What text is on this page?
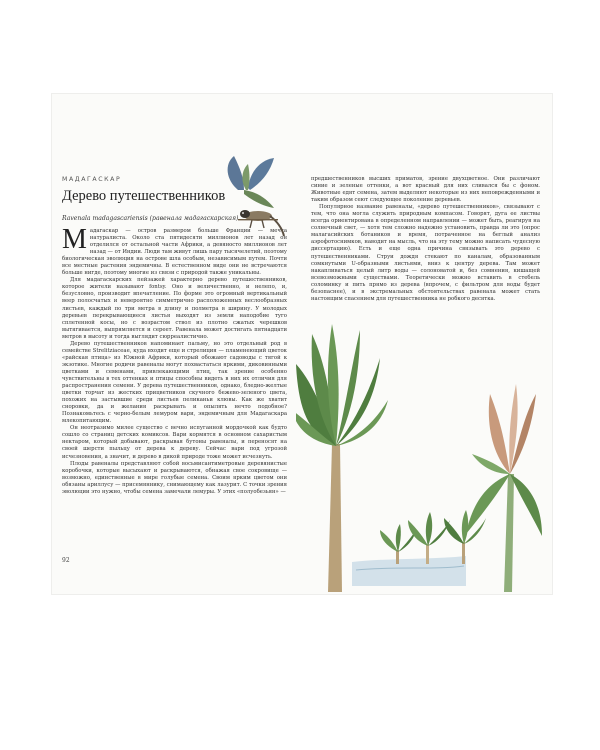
МАДАГАСКАР
Дерево путешественников
Ravenala madagascariensis (равенала мадагаскарская)

Мадагаскар — остров размером больше Франции — мечта натуралиста. Около ста пятидесяти миллионов лет назад он отделился от остальной части Африки, а девяносто миллионов лет назад — от Индии. Люди там живут лишь пару тысячелетий, поэтому биологическая эволюция на острове шла особым, независимым путем. Почти все местные растения эндемичны. В естественном виде они не встречаются больше нигде, поэтому многие из связи с природой также уникальны.

Для мадагаскарских пейзажей характерно дерево путешественников, которое жители называют fontsy. Оно и величественно, и нелепо, и, безусловно, производит впечатление. По форме это огромный вертикальный веер полосчатых и невероятно симметрично расположенных веслообразных листьев, каждый по три метра в длину и полметра в ширину. У молодых деревьев перекрывающиеся листья выходят из земли наподобие туго сплетенной косы, но с возрастом ствол из плотно сжатых черешков вытягивается, выпрямляется и сереет. Равенала может достигать пятнадцати метров в высоту и тогда выглядит сюрреалистично.

Дерево путешественников напоминает пальму, но это отдельный род в семействе Strelitziaceae, куда входит еще и стрелиция — пламенеющий цветок «райская птица» из Южной Африки, который обожают садоводы с тягой к экзотике. Многие родичи равеналы могут похвастаться яркими, диковинными цветками и семенами, привлекающими птиц, так зрение особенно чувствительны в тех оттенках и птицы способны видеть в них их отличия для распространения семени. У дерева путешественников, однако, бледно-желтые цветки торчат из жестких прицветников скучного бежево-зеленого цвета, похожих на застывшие среди листьев пеликаньи клювы. Как же хватит сноровки, да и желания раскрывать и опылять нечто подобное? Познакомьтесь с черно-белым лемуром вари, эндемичным для Мадагаскара млекопитающим.

Он неотразимо милее существо с вечно испуганной мордочкой как будто сошло со страниц детских комиксов. Вари кормятся в основном сахаристым нектаром, который добывают, раскрывая бутоны равеналы, и переносят на своей шерсти пыльцу от дерева к дереву. Сейчас вари под угрозой исчезновения, а значит, и дерево в дикой природе тоже может исчезнуть.

Плоды равеналы представляют собой восьмисантиметровые деревянистые коробочки, которые высыхают и раскрываются, обнажая свое сокровище — возможно, единственные в мире голубые семена. Своим ярким цветом они обязаны ариллусу — присемяннику, снимающему как лазурит. С точки зрения эволюции это нужно, чтобы семена замечали лемуры. У этих «полуобезьян» —

92

предшественников высших приматов, зрение двухцветное. Они различают синие и зеленые оттенки, а вот красный для них сливался бы с фоном. Животные едят семена, затем выделяют некоторые из них неповрежденными и таким образом сеют следующее поколение деревьев.

Популярное название равеналы, «дерево путешественников», связывают с тем, что она могла служить природным компасом. Говорят, дуга ее листвы всегда ориентирована в определенном направлении — может быть, реагируя на солнечный свет, — хотя тем сложно надежно установить, правда ли это (опрос малагасийских ботаников и время, потраченное на беглый анализ аэрофотоснимков, наводит на мысль, что на эту тему можно написать чудесную диссертацию). Есть и еще одна причина связывать это дерево с путешественниками. Струи дождя стекают по каналам, образованным сомкнутыми U-образными листьями, вниз к центру дерева. Там может накапливаться целый литр воды — солоноватой и, без сомнения, кишащей всевозможными существами. Теоретически можно вставить в стебель соломинку и пить прямо из дерева (впрочем, с фильтром для воды будет безопаснее), и в экстремальных обстоятельствах равенала может стать настоящим спасением для путешественника не робкого десятка.
